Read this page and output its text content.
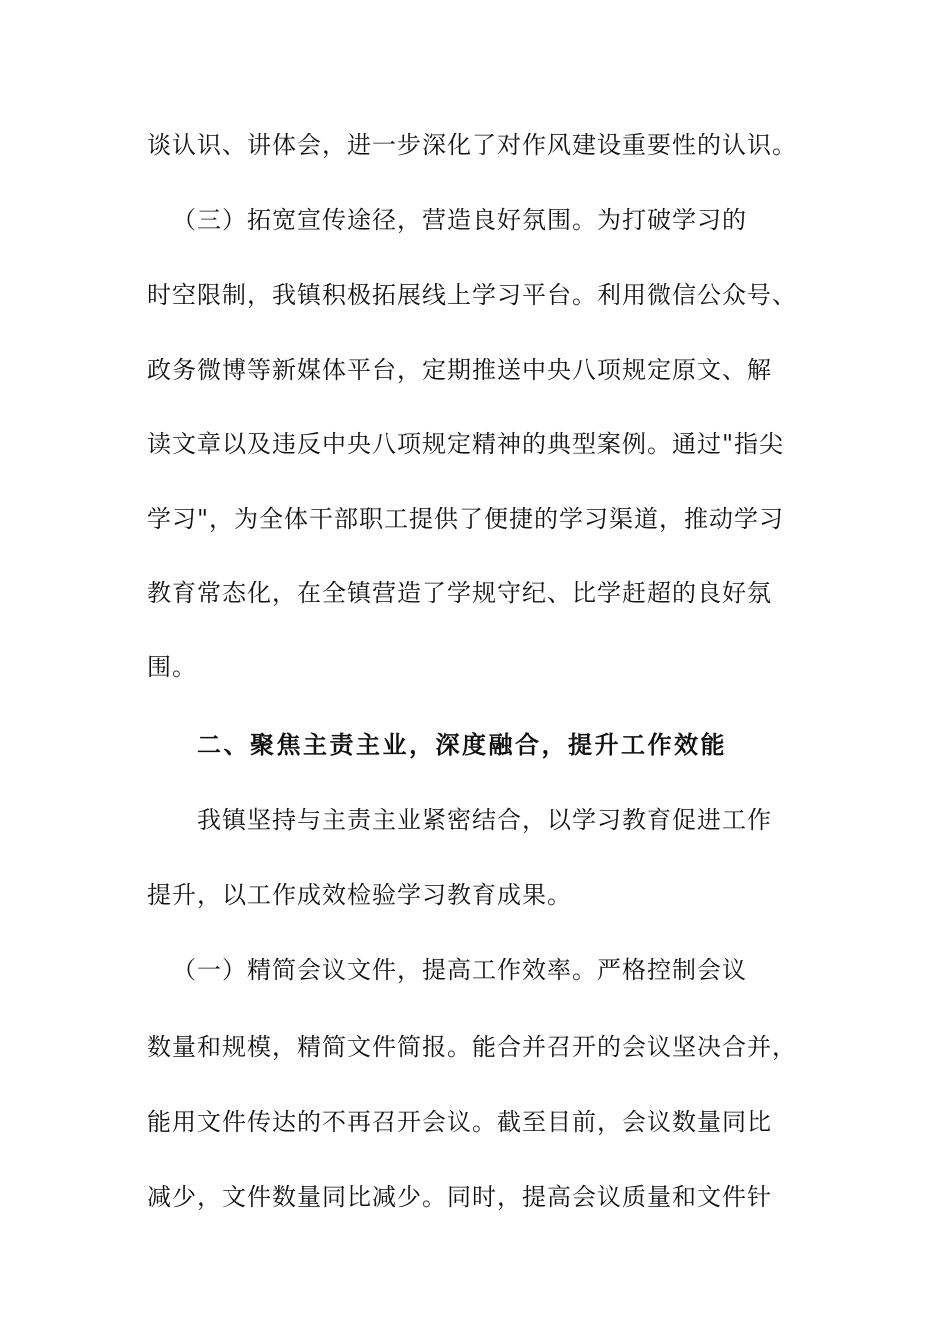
谈认识、讲体会，进一步深化了对作风建设重要性的认识。
（三）拓宽宣传途径，营造良好氛围。为打破学习的
时空限制，我镇积极拓展线上学习平台。利用微信公众号、
政务微博等新媒体平台，定期推送中央八项规定原文、解
读文章以及违反中央八项规定精神的典型案例。通过"指尖
学习"，为全体干部职工提供了便捷的学习渠道，推动学习
教育常态化，在全镇营造了学规守纪、比学赶超的良好氛
围。
二、聚焦主责主业，深度融合，提升工作效能
我镇坚持与主责主业紧密结合，以学习教育促进工作
提升，以工作成效检验学习教育成果。
（一）精简会议文件，提高工作效率。严格控制会议
数量和规模，精简文件简报。能合并召开的会议坚决合并，
能用文件传达的不再召开会议。截至目前，会议数量同比
减少，文件数量同比减少。同时，提高会议质量和文件针
